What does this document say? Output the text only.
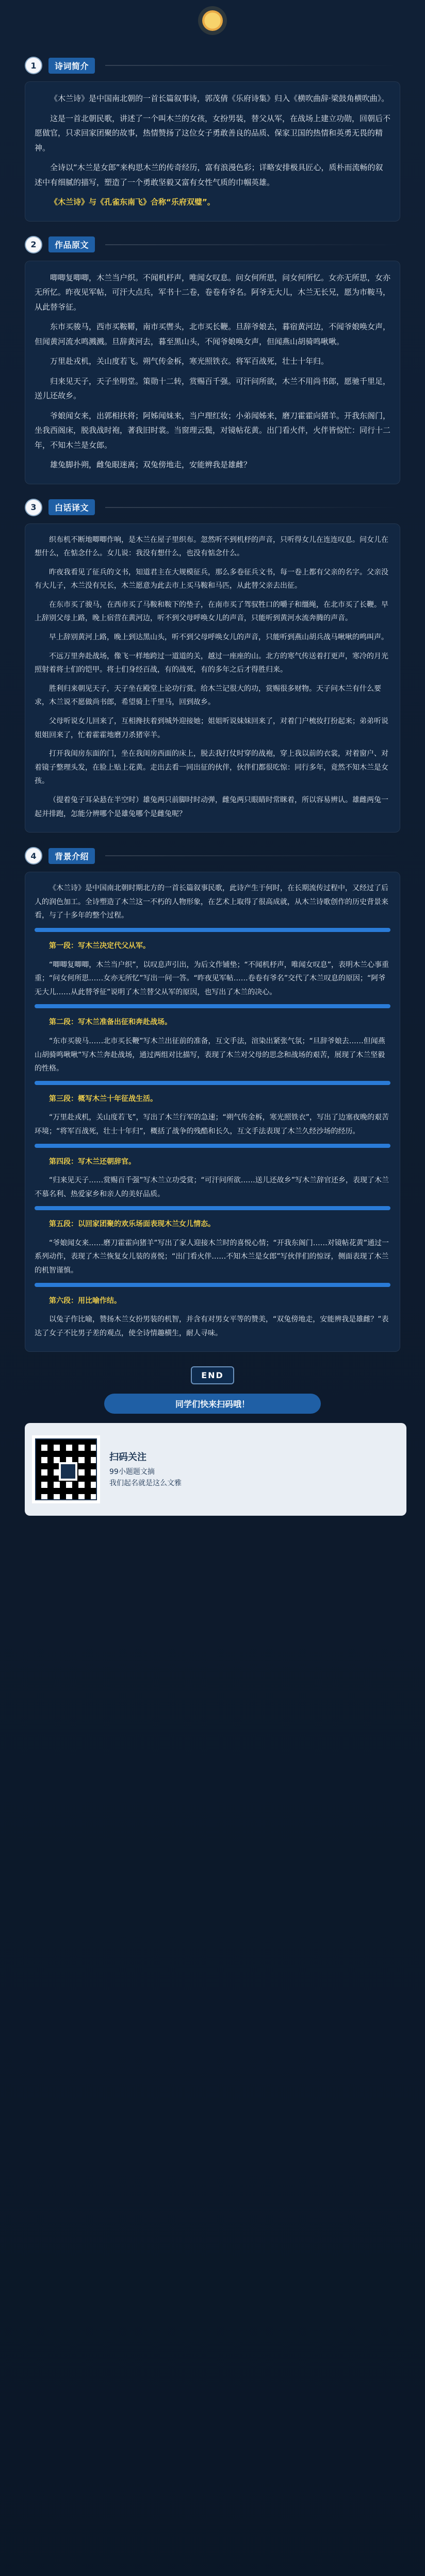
1	诗词简介

《木兰诗》是中国南北朝的一首长篇叙事诗，郭茂倩《乐府诗集》归入《横吹曲辞·梁鼓角横吹曲》。

这是一首北朝民歌，讲述了一个叫木兰的女孩，女扮男装，替父从军，在战场上建立功勋，回朝后不愿做官，只求回家团聚的故事，热情赞扬了这位女子勇敢善良的品质、保家卫国的热情和英勇无畏的精神。

全诗以“木兰是女郎”来构思木兰的传奇经历，富有浪漫色彩；详略安排极具匠心，质朴而流畅的叙述中有细腻的描写，塑造了一个勇敢坚毅又富有女性气质的巾帼英雄。

《木兰诗》与《孔雀东南飞》合称“乐府双璧”。

2	作品原文

唧唧复唧唧，木兰当户织。不闻机杼声，唯闻女叹息。问女何所思，问女何所忆。女亦无所思，女亦无所忆。昨夜见军帖，可汗大点兵，军书十二卷，卷卷有爷名。阿爷无大儿，木兰无长兄，愿为市鞍马，从此替爷征。

东市买骏马，西市买鞍鞯，南市买辔头，北市买长鞭。旦辞爷娘去，暮宿黄河边，不闻爷娘唤女声，但闻黄河流水鸣溅溅。旦辞黄河去，暮至黑山头，不闻爷娘唤女声，但闻燕山胡骑鸣啾啾。

万里赴戎机，关山度若飞。朔气传金柝，寒光照铁衣。将军百战死，壮士十年归。

归来见天子，天子坐明堂。策勋十二转，赏赐百千强。可汗问所欲，木兰不用尚书郎，愿驰千里足，送儿还故乡。

爷娘闻女来，出郭相扶将；阿姊闻妹来，当户理红妆；小弟闻姊来，磨刀霍霍向猪羊。开我东阁门，坐我西阁床，脱我战时袍，著我旧时裳。当窗理云鬓，对镜帖花黄。出门看火伴，火伴皆惊忙：同行十二年，不知木兰是女郎。

雄兔脚扑朔，雌兔眼迷离；双兔傍地走，安能辨我是雄雌？

3	白话译文

织布机不断地唧唧作响，是木兰在屋子里织布。忽然听不到机杼的声音，只听得女儿在连连叹息。问女儿在想什么，在惦念什么。女儿说：我没有想什么，也没有惦念什么。

昨夜我看见了征兵的文书，知道君主在大规模征兵，那么多卷征兵文书，每一卷上都有父亲的名字。父亲没有大儿子，木兰没有兄长，木兰愿意为此去市上买马鞍和马匹，从此替父亲去出征。

在东市买了骏马，在西市买了马鞍和鞍下的垫子，在南市买了驾驭牲口的嚼子和缰绳，在北市买了长鞭。早上辞别父母上路，晚上宿营在黄河边，听不到父母呼唤女儿的声音，只能听到黄河水流奔腾的声音。

早上辞别黄河上路，晚上到达黑山头，听不到父母呼唤女儿的声音，只能听到燕山胡兵战马啾啾的鸣叫声。

不远万里奔赴战场，像飞一样地跨过一道道的关，越过一座座的山。北方的寒气传送着打更声，寒冷的月光照射着将士们的铠甲。将士们身经百战，有的战死，有的多年之后才得胜归来。

胜利归来朝见天子，天子坐在殿堂上论功行赏。给木兰记很大的功，赏赐很多财物。天子问木兰有什么要求，木兰说不愿做尚书郎，希望骑上千里马，回到故乡。

父母听说女儿回来了，互相搀扶着到城外迎接她；姐姐听说妹妹回来了，对着门户梳妆打扮起来；弟弟听说姐姐回来了，忙着霍霍地磨刀杀猪宰羊。

打开我闺房东面的门，坐在我闺房西面的床上，脱去我打仗时穿的战袍，穿上我以前的衣裳，对着窗户、对着镜子整理头发，在脸上贴上花黄。走出去看一同出征的伙伴，伙伴们都很吃惊：同行多年，竟然不知木兰是女孩。

（提着兔子耳朵悬在半空时）雄兔两只前脚时时动弹，雌兔两只眼睛时常眯着，所以容易辨认。雄雌两兔一起并排跑，怎能分辨哪个是雄兔哪个是雌兔呢？

4	背景介绍

《木兰诗》是中国南北朝时期北方的一首长篇叙事民歌，此诗产生于何时，在长期流传过程中，又经过了后人的润色加工。全诗塑造了木兰这一不朽的人物形象，在艺术上取得了很高成就，从木兰诗歌创作的历史背景来看，与了十多年的整个过程。

第一段：写木兰决定代父从军。

“唧唧复唧唧，木兰当户织”，以叹息声引出，为后文作铺垫；“不闻机杼声，唯闻女叹息”，表明木兰心事重重；“问女何所思……女亦无所忆”写出一问一答。“昨夜见军帖……卷卷有爷名”交代了木兰叹息的原因；“阿爷无大儿……从此替爷征”说明了木兰替父从军的原因，也写出了木兰的决心。

第二段：写木兰准备出征和奔赴战场。

“东市买骏马……北市买长鞭”写木兰出征前的准备，互文手法，渲染出紧张气氛；“旦辞爷娘去……但闻燕山胡骑鸣啾啾”写木兰奔赴战场，通过两组对比描写，表现了木兰对父母的思念和战场的艰苦，展现了木兰坚毅的性格。

第三段：概写木兰十年征战生活。

“万里赴戎机，关山度若飞”，写出了木兰行军的急速；“朔气传金柝，寒光照铁衣”，写出了边塞夜晚的艰苦环境；“将军百战死，壮士十年归”，概括了战争的残酷和长久，互文手法表现了木兰久经沙场的经历。

第四段：写木兰还朝辞官。

“归来见天子……赏赐百千强”写木兰立功受赏；“可汗问所欲……送儿还故乡”写木兰辞官还乡，表现了木兰不慕名利、热爱家乡和亲人的美好品质。

第五段：以回家团聚的欢乐场面表现木兰女儿情态。

“爷娘闻女来……磨刀霍霍向猪羊”写出了家人迎接木兰时的喜悦心情；“开我东阁门……对镜帖花黄”通过一系列动作，表现了木兰恢复女儿装的喜悦；“出门看火伴……不知木兰是女郎”写伙伴们的惊讶，侧面表现了木兰的机智谨慎。

第六段：用比喻作结。

以兔子作比喻，赞扬木兰女扮男装的机智，并含有对男女平等的赞美，“双兔傍地走，安能辨我是雄雌？”表达了女子不比男子差的观点，使全诗情趣横生，耐人寻味。

END
同学们快来扫码哦！
扫码关注
99小题题文摘
我们起名就是这么文雅
